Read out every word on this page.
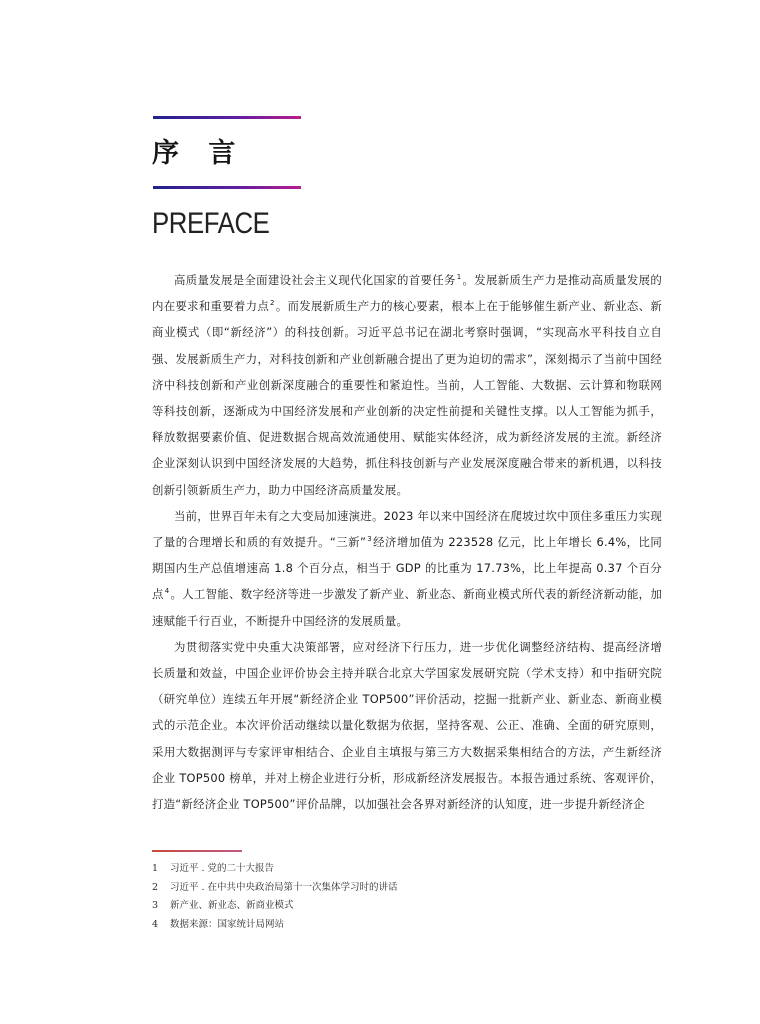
序 言
PREFACE

高质量发展是全面建设社会主义现代化国家的首要任务$^1$。发展新质生产力是推动高质量发展的内在要求和重要着力点$^2$。而发展新质生产力的核心要素，根本上在于能够催生新产业、新业态、新商业模式（即“新经济”）的科技创新。习近平总书记在湖北考察时强调，“实现高水平科技自立自强、发展新质生产力，对科技创新和产业创新融合提出了更为迫切的需求”，深刻揭示了当前中国经济中科技创新和产业创新深度融合的重要性和紧迫性。当前，人工智能、大数据、云计算和物联网等科技创新，逐渐成为中国经济发展和产业创新的决定性前提和关键性支撑。以人工智能为抓手，释放数据要素价值、促进数据合规高效流通使用、赋能实体经济，成为新经济发展的主流。新经济企业深刻认识到中国经济发展的大趋势，抓住科技创新与产业发展深度融合带来的新机遇，以科技创新引领新质生产力，助力中国经济高质量发展。

当前，世界百年未有之大变局加速演进。2023 年以来中国经济在爬坡过坎中顶住多重压力实现了量的合理增长和质的有效提升。“三新”$^3$经济增加值为 223528 亿元，比上年增长 6.4%，比同期国内生产总值增速高 1.8 个百分点，相当于 GDP 的比重为 17.73%，比上年提高 0.37 个百分点$^4$。人工智能、数字经济等进一步激发了新产业、新业态、新商业模式所代表的新经济新动能，加速赋能千行百业，不断提升中国经济的发展质量。

为贯彻落实党中央重大决策部署，应对经济下行压力，进一步优化调整经济结构、提高经济增长质量和效益，中国企业评价协会主持并联合北京大学国家发展研究院（学术支持）和中指研究院（研究单位）连续五年开展“新经济企业 TOP500”评价活动，挖掘一批新产业、新业态、新商业模式的示范企业。本次评价活动继续以量化数据为依据，坚持客观、公正、准确、全面的研究原则，采用大数据测评与专家评审相结合、企业自主填报与第三方大数据采集相结合的方法，产生新经济企业 TOP500 榜单，并对上榜企业进行分析，形成新经济发展报告。本报告通过系统、客观评价，打造“新经济企业 TOP500”评价品牌，以加强社会各界对新经济的认知度，进一步提升新经济企

1 习近平 . 党的二十大报告
2 习近平 . 在中共中央政治局第十一次集体学习时的讲话
3 新产业、新业态、新商业模式
4 数据来源：国家统计局网站
